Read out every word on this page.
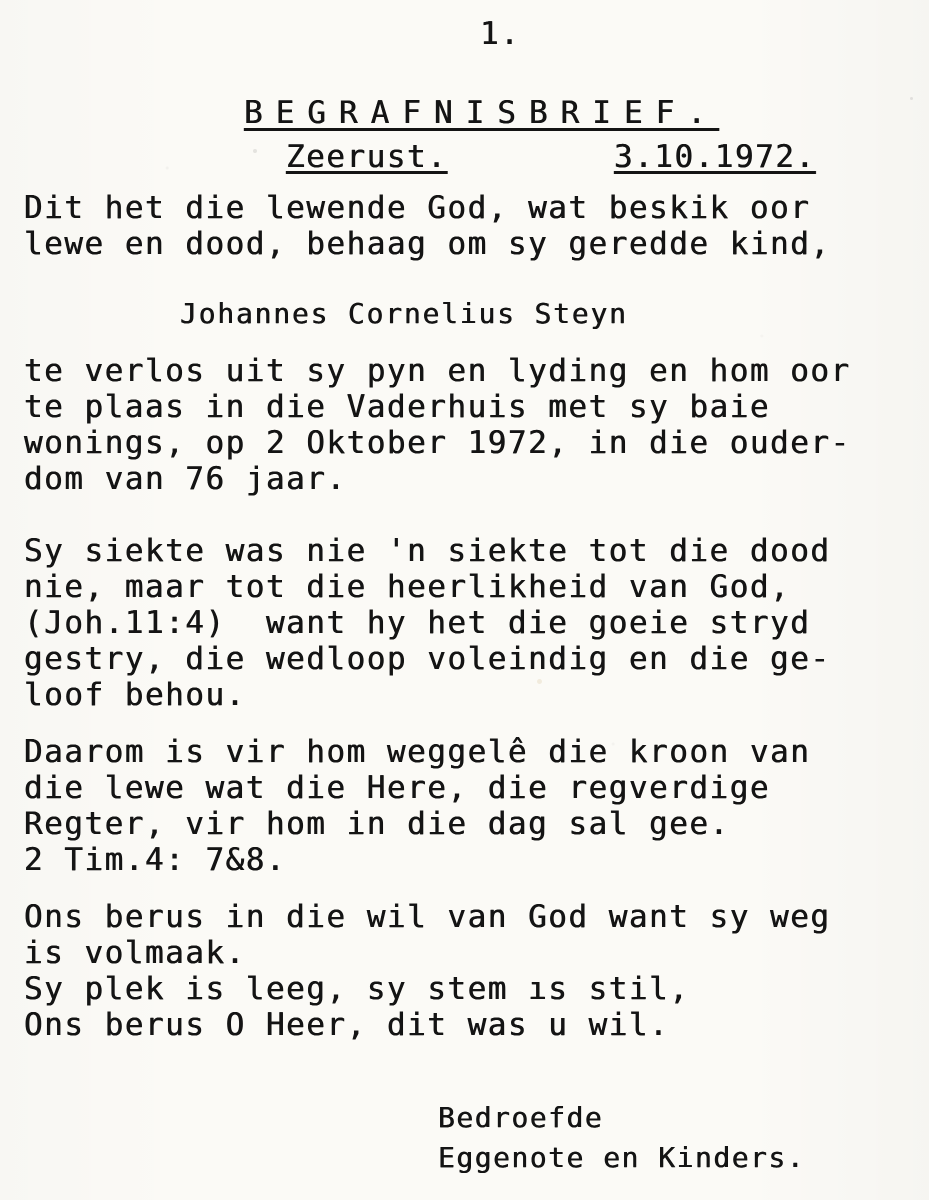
1.
BEGRAFNISBRIEF.
Zeerust.	3.10.1972.
Dit het die lewende God, wat beskik oor
lewe en dood, behaag om sy geredde kind,
Johannes Cornelius Steyn
te verlos uit sy pyn en lyding en hom oor
te plaas in die Vaderhuis met sy baie
wonings, op 2 Oktober 1972, in die ouder-
dom van 76 jaar.
Sy siekte was nie 'n siekte tot die dood
nie, maar tot die heerlikheid van God,
(Joh.11:4)  want hy het die goeie stryd
gestry, die wedloop voleindig en die ge-
loof behou.
Daarom is vir hom weggelê die kroon van
die lewe wat die Here, die regverdige
Regter, vir hom in die dag sal gee.
2 Tim.4: 7&8.
Ons berus in die wil van God want sy weg
is volmaak.
Sy plek is leeg, sy stem ıs stil,
Ons berus O Heer, dit was u wil.
Bedroefde
Eggenote en Kinders.
